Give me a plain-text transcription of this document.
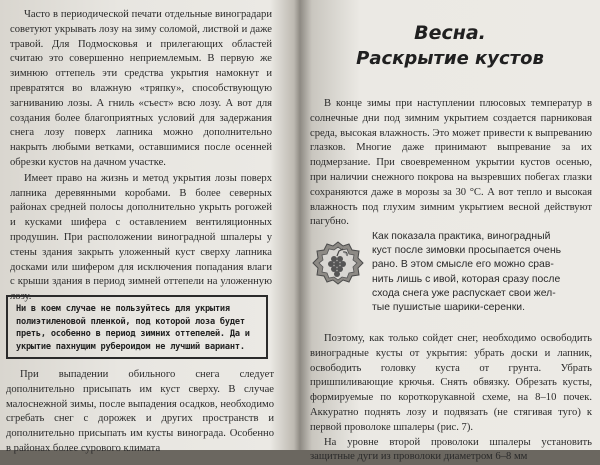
Часто в периодической печати отдельные виноградари советуют укрывать лозу на зиму соломой, листвой и даже травой. Для Подмосковья и прилегающих областей считаю это совершенно неприемлемым. В первую же зимнюю оттепель эти средства укрытия намокнут и превратятся во влажную «тряпку», способствующую загниванию лозы. А гниль «съест» всю лозу. А вот для создания более благоприятных условий для задержания снега лозу поверх лапника можно дополнительно накрыть любыми ветками, оставшимися после осенней обрезки кустов на дачном участке.

Имеет право на жизнь и метод укрытия лозы поверх лапника деревянными коробами. В более северных районах средней полосы дополнительно укрыть рогожей и кусками шифера с оставлением вентиляционных продушин. При расположении виноградной шпалеры у стены здания закрыть уложенный куст сверху лапника досками или шифером для исключения попадания влаги с крыши здания в период зимней оттепели на уложенную лозу.

Ни в коем случае не пользуйтесь для укрытия полиэтиленовой пленкой, под которой лоза будет преть, особенно в период зимних оттепелей. Да и укрытие пахнущим рубероидом не лучший вариант.

При выпадении обильного снега следует дополнительно присыпать им куст сверху. В случае малоснежной зимы, после выпадения осадков, необходимо сгребать снег с дорожек и других пространств и дополнительно присыпать им кусты винограда. Особенно в районах более сурового климата

Весна.
Раскрытие кустов

В конце зимы при наступлении плюсовых температур в солнечные дни под зимним укрытием создается парниковая среда, высокая влажность. Это может привести к выпреванию глазков. Многие даже принимают выпревание за их подмерзание. При своевременном укрытии кустов осенью, при наличии снежного покрова на вызревших побегах глазки сохраняются даже в морозы за 30 °С. А вот тепло и высокая влажность под глухим зимним укрытием весной действуют пагубно.

Как показала практика, виноградный
куст после зимовки просыпается очень
рано. В этом смысле его можно срав-
нить лишь с ивой, которая сразу после
схода снега уже распускает свои жел-
тые пушистые шарики-серенки.

Поэтому, как только сойдет снег, необходимо освободить виноградные кусты от укрытия: убрать доски и лапник, освободить головку куста от грунта. Убрать пришпиливающие крючья. Снять обвязку. Обрезать кусты, формируемые по короткорукавной схеме, на 8–10 почек. Аккуратно поднять лозу и подвязать (не стягивая туго) к первой проволоке шпалеры (рис. 7).

На уровне второй проволоки шпалеры установить защитные дуги из проволоки диаметром 6–8 мм
